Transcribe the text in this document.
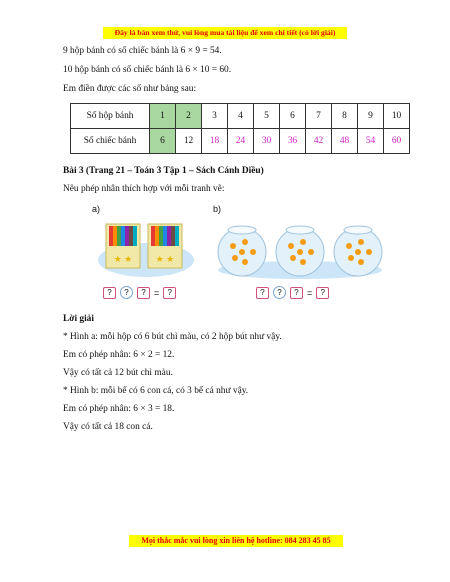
Đây là bản xem thử, vui lòng mua tài liệu để xem chi tiết (có lời giải)
9 hộp bánh có số chiếc bánh là 6 × 9 = 54.
10 hộp bánh có số chiếc bánh là 6 × 10 = 60.
Em điền được các số như bảng sau:
Số hộp bánh	1	2	3	4	5	6	7	8	9	10
Số chiếc bánh	6	12	18	24	30	36	42	48	54	60
Bài 3 (Trang 21 – Toán 3 Tập 1 – Sách Cánh Diều)
Nêu phép nhân thích hợp với mỗi tranh vẽ:
a)
★ ★	★ ★
?	?	? =	?
b)
?	?	? =	?
Lời giải
* Hình a: mỗi hộp có 6 bút chì màu, có 2 hộp bút như vậy.
Em có phép nhân: 6 × 2 = 12.
Vậy có tất cả 12 bút chì màu.
* Hình b: mỗi bể có 6 con cá, có 3 bể cá như vậy.
Em có phép nhân: 6 × 3 = 18.
Vậy có tất cả 18 con cá.
Mọi thắc mắc vui lòng xin liên hệ hotline: 084 283 45 85
